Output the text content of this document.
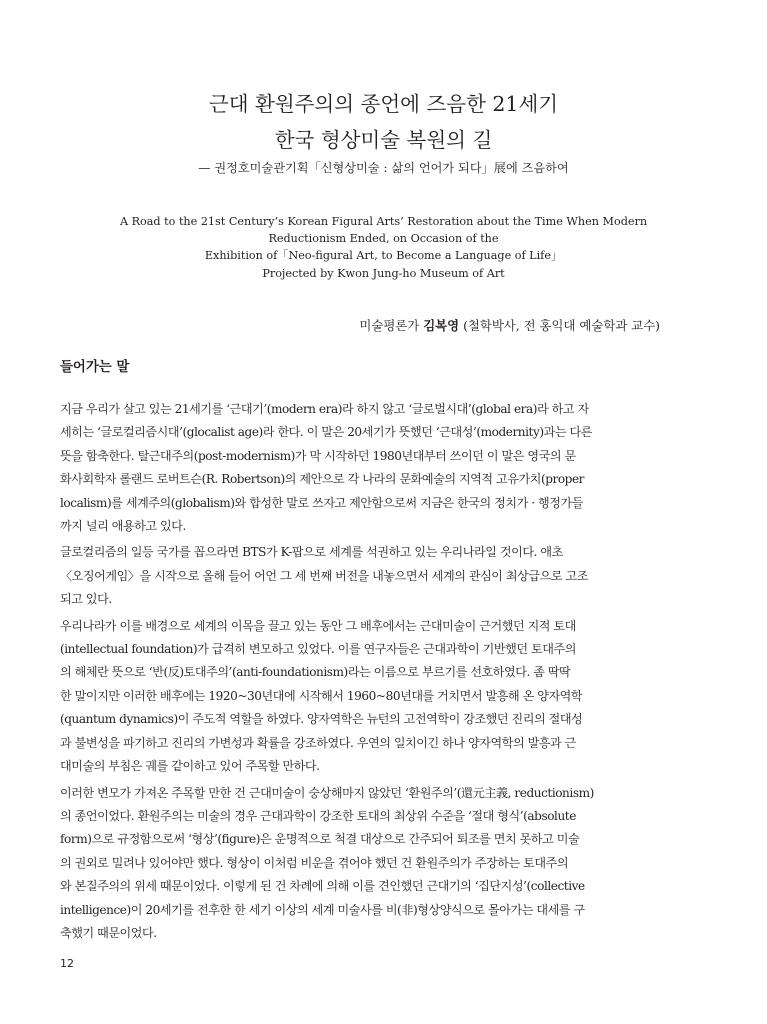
근대 환원주의의 종언에 즈음한 21세기
한국 형상미술 복원의 길
— 권정호미술관기획「신형상미술 : 삶의 언어가 되다」展에 즈음하여
A Road to the 21st Century’s Korean Figural Arts’ Restoration about the Time When Modern
Reductionism Ended, on Occasion of the
Exhibition of「Neo-figural Art, to Become a Language of Life」
Projected by Kwon Jung-ho Museum of Art
미술평론가 김복영 (철학박사, 전 홍익대 예술학과 교수)
들어가는 말
지금 우리가 살고 있는 21세기를 ‘근대기’(modern era)라 하지 않고 ‘글로벌시대’(global era)라 하고 자
세히는 ‘글로컬리즘시대’(glocalist age)라 한다. 이 말은 20세기가 뜻했던 ‘근대성’(modernity)과는 다른
뜻을 함축한다. 탈근대주의(post-modernism)가 막 시작하던 1980년대부터 쓰이던 이 말은 영국의 문
화사회학자 롤랜드 로버트슨(R. Robertson)의 제안으로 각 나라의 문화예술의 지역적 고유가치(proper
localism)를 세계주의(globalism)와 합성한 말로 쓰자고 제안함으로써 지금은 한국의 정치가 · 행정가들
까지 널리 애용하고 있다.
글로컬리즘의 일등 국가를 꼽으라면 BTS가 K-팝으로 세계를 석권하고 있는 우리나라일 것이다. 애초
〈오징어게임〉을 시작으로 올해 들어 어언 그 세 번째 버전을 내놓으면서 세계의 관심이 최상급으로 고조
되고 있다.
우리나라가 이를 배경으로 세계의 이목을 끌고 있는 동안 그 배후에서는 근대미술이 근거했던 지적 토대
(intellectual foundation)가 급격히 변모하고 있었다. 이를 연구자들은 근대과학이 기반했던 토대주의
의 해체란 뜻으로 ‘반(反)토대주의’(anti-foundationism)라는 이름으로 부르기를 선호하였다. 좀 딱딱
한 말이지만 이러한 배후에는 1920~30년대에 시작해서 1960~80년대를 거치면서 발흥해 온 양자역학
(quantum dynamics)이 주도적 역할을 하였다. 양자역학은 뉴턴의 고전역학이 강조했던 진리의 절대성
과 불변성을 파기하고 진리의 가변성과 확률을 강조하였다. 우연의 일치이긴 하나 양자역학의 발흥과 근
대미술의 부침은 궤를 같이하고 있어 주목할 만하다.
이러한 변모가 가져온 주목할 만한 건 근대미술이 숭상해마지 않았던 ‘환원주의’(還元主義, reductionism)
의 종언이었다. 환원주의는 미술의 경우 근대과학이 강조한 토대의 최상위 수준을 ‘절대 형식’(absolute
form)으로 규정함으로써 ‘형상’(figure)은 운명적으로 척결 대상으로 간주되어 퇴조를 면치 못하고 미술
의 권외로 밀려나 있어야만 했다. 형상이 이처럼 비운을 겪어야 했던 건 환원주의가 주장하는 토대주의
와 본질주의의 위세 때문이었다. 이렇게 된 건 차례에 의해 이를 견인했던 근대기의 ‘집단지성’(collective
intelligence)이 20세기를 전후한 한 세기 이상의 세계 미술사를 비(非)형상양식으로 몰아가는 대세를 구
축했기 때문이었다.
12
